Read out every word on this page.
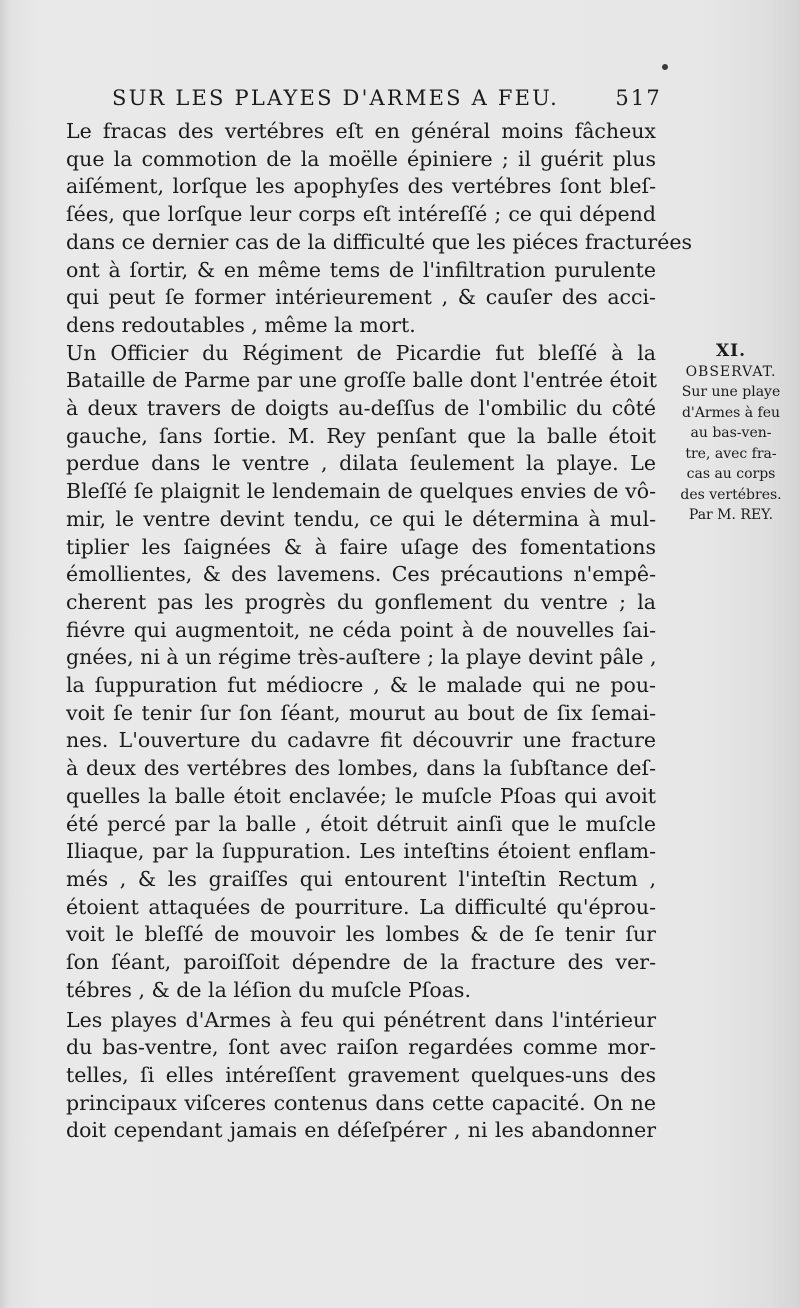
SUR LES PLAYES D'ARMES A FEU.	517
Le fracas des vertébres eſt en général moins fâcheux
que la commotion de la moëlle épiniere ; il guérit plus
aiſément, lorſque les apophyſes des vertébres ſont bleſ-
ſées, que lorſque leur corps eſt intéreſſé ; ce qui dépend
dans ce dernier cas de la difficulté que les piéces fracturées
ont à ſortir, & en même tems de l'infiltration purulente
qui peut ſe former intérieurement , & cauſer des acci-
dens redoutables , même la mort.
Un Officier du Régiment de Picardie fut bleſſé à la
Bataille de Parme par une groſſe balle dont l'entrée étoit
à deux travers de doigts au-deſſus de l'ombilic du côté
gauche, ſans ſortie. M. Rey penſant que la balle étoit
perdue dans le ventre , dilata ſeulement la playe. Le
Bleſſé ſe plaignit le lendemain de quelques envies de vô-
mir, le ventre devint tendu, ce qui le détermina à mul-
tiplier les ſaignées & à faire uſage des fomentations
émollientes, & des lavemens. Ces précautions n'empê-
cherent pas les progrès du gonflement du ventre ; la
fiévre qui augmentoit, ne céda point à de nouvelles ſai-
gnées, ni à un régime très-auſtere ; la playe devint pâle ,
la ſuppuration fut médiocre , & le malade qui ne pou-
voit ſe tenir ſur ſon ſéant, mourut au bout de ſix ſemai-
nes. L'ouverture du cadavre fit découvrir une fracture
à deux des vertébres des lombes, dans la ſubſtance deſ-
quelles la balle étoit enclavée; le muſcle Pſoas qui avoit
été percé par la balle , étoit détruit ainſi que le muſcle
Iliaque, par la ſuppuration. Les inteſtins étoient enflam-
més , & les graiſſes qui entourent l'inteſtin Rectum ,
étoient attaquées de pourriture. La difficulté qu'éprou-
voit le bleſſé de mouvoir les lombes & de ſe tenir ſur
ſon ſéant, paroiſſoit dépendre de la fracture des ver-
tébres , & de la léſion du muſcle Pſoas.
Les playes d'Armes à feu qui pénétrent dans l'intérieur
du bas-ventre, ſont avec raiſon regardées comme mor-
telles, ſi elles intéreſſent gravement quelques-uns des
principaux viſceres contenus dans cette capacité. On ne
doit cependant jamais en déſeſpérer , ni les abandonner
XI.
OBSERVAT.
Sur une playe
d'Armes à feu
au bas-ven-
tre, avec fra-
cas au corps
des vertébres.
Par M. REY.
